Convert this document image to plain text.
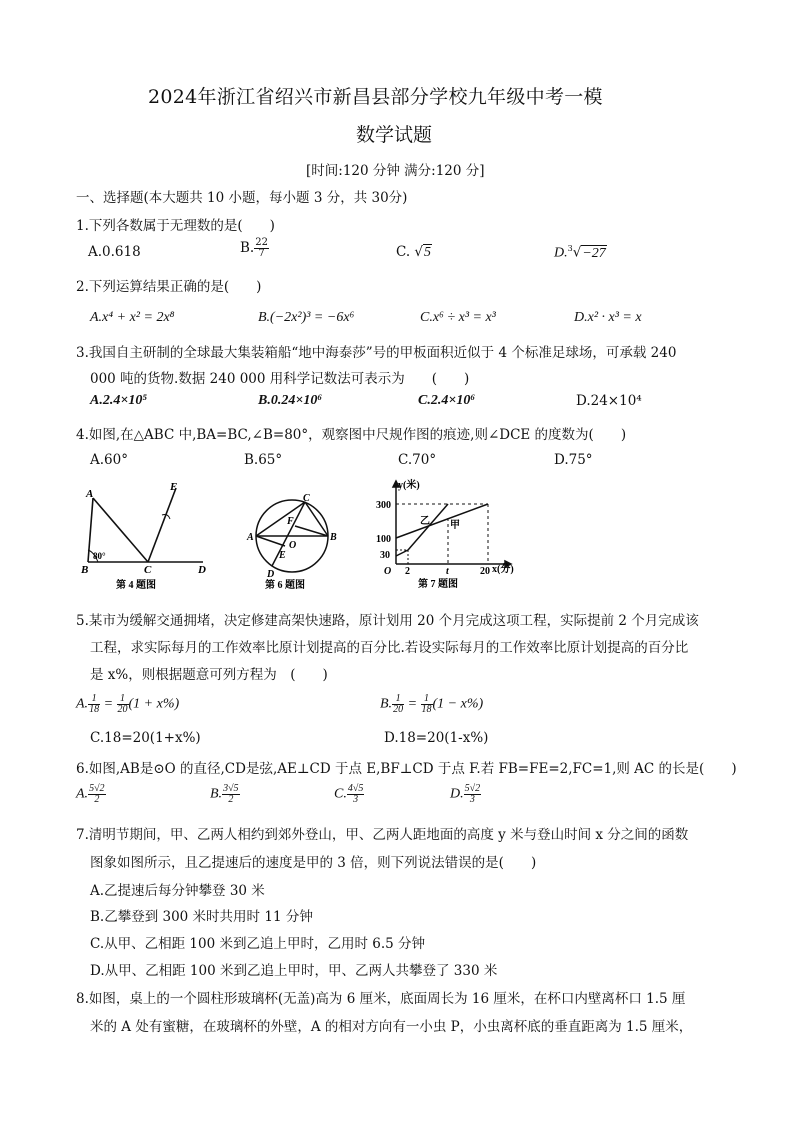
2024年浙江省绍兴市新昌县部分学校九年级中考一模
数学试题
[时间:120 分钟 满分:120 分]
一、选择题(本大题共 10 小题，每小题 3 分，共 30分)
1.下列各数属于无理数的是(　　)
A.0.618	B. $\frac{22}{7}$	C. √5	D.$^3$√−27
2.下列运算结果正确的是(　　)
A.x⁴ + x² = 2x⁸	B.(−2x²)³ = −6x⁶	C.x⁶ ÷ x³ = x³	D.x² · x³ = x
3.我国自主研制的全球最大集装箱船“地中海泰莎”号的甲板面积近似于 4 个标准足球场，可承载 240
000 吨的货物.数据 240 000 用科学记数法可表示为　　(　　)
A.2.4×10⁵	B.0.24×10⁶	C.2.4×10⁶	D.24×10⁴
4.如图,在△ABC 中,BA=BC,∠B=80°，观察图中尺规作图的痕迹,则∠DCE 的度数为(　　)
A.60°	B.65°	C.70°	D.75°
A
E
B	C	D
80°
第 4 题图
C
F
A
O
B
E
D
第 6 题图
y(米)
x(分)
300
100
30
O 2	t	20
乙 甲
第 7 题图
5.某市为缓解交通拥堵，决定修建高架快速路，原计划用 20 个月完成这项工程，实际提前 2 个月完成该
工程，求实际每月的工作效率比原计划提高的百分比.若设实际每月的工作效率比原计划提高的百分比
是 x%，则根据题意可列方程为　(　　)
A. $\frac{1}{18} = \frac{1}{20} (1 + x\%)$	B. $\frac{1}{20} = \frac{1}{18} (1 - x\%)$
C.18=20(1+x%)	D.18=20(1-x%)
6.如图,AB是⊙O 的直径,CD是弦,AE⊥CD 于点 E,BF⊥CD 于点 F.若 FB=FE=2,FC=1,则 AC 的长是(　　)
A. $\frac{5√2}{2}$	B. $\frac{3√5}{2}$	C. $\frac{4√5}{3}$	D. $\frac{5√2}{3}$
7.清明节期间，甲、乙两人相约到郊外登山，甲、乙两人距地面的高度 y 米与登山时间 x 分之间的函数
图象如图所示，且乙提速后的速度是甲的 3 倍，则下列说法错误的是(　　)
A.乙提速后每分钟攀登 30 米
B.乙攀登到 300 米时共用时 11 分钟
C.从甲、乙相距 100 米到乙追上甲时，乙用时 6.5 分钟
D.从甲、乙相距 100 米到乙追上甲时，甲、乙两人共攀登了 330 米
8.如图，桌上的一个圆柱形玻璃杯(无盖)高为 6 厘米，底面周长为 16 厘米，在杯口内壁离杯口 1.5 厘
米的 A 处有蜜糖，在玻璃杯的外壁，A 的相对方向有一小虫 P，小虫离杯底的垂直距离为 1.5 厘米，
